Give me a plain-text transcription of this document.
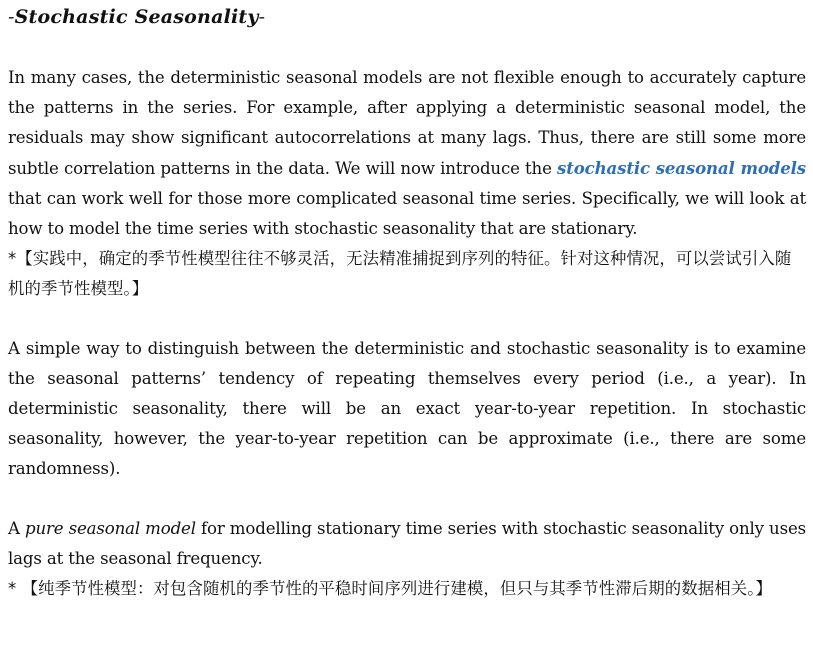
-Stochastic Seasonality-

In many cases, the deterministic seasonal models are not flexible enough to accurately capture the patterns in the series. For example, after applying a deterministic seasonal model, the residuals may show significant autocorrelations at many lags. Thus, there are still some more subtle correlation patterns in the data. We will now introduce the stochastic seasonal models that can work well for those more complicated seasonal time series. Specifically, we will look at how to model the time series with stochastic seasonality that are stationary.

*【实践中，确定的季节性模型往往不够灵活，无法精准捕捉到序列的特征。针对这种情况，可以尝试引入随机的季节性模型。】

A simple way to distinguish between the deterministic and stochastic seasonality is to examine the seasonal patterns’ tendency of repeating themselves every period (i.e., a year). In deterministic seasonality, there will be an exact year-to-year repetition. In stochastic seasonality, however, the year-to-year repetition can be approximate (i.e., there are some randomness).

A pure seasonal model for modelling stationary time series with stochastic seasonality only uses lags at the seasonal frequency.

* 【纯季节性模型：对包含随机的季节性的平稳时间序列进行建模，但只与其季节性滞后期的数据相关。】
